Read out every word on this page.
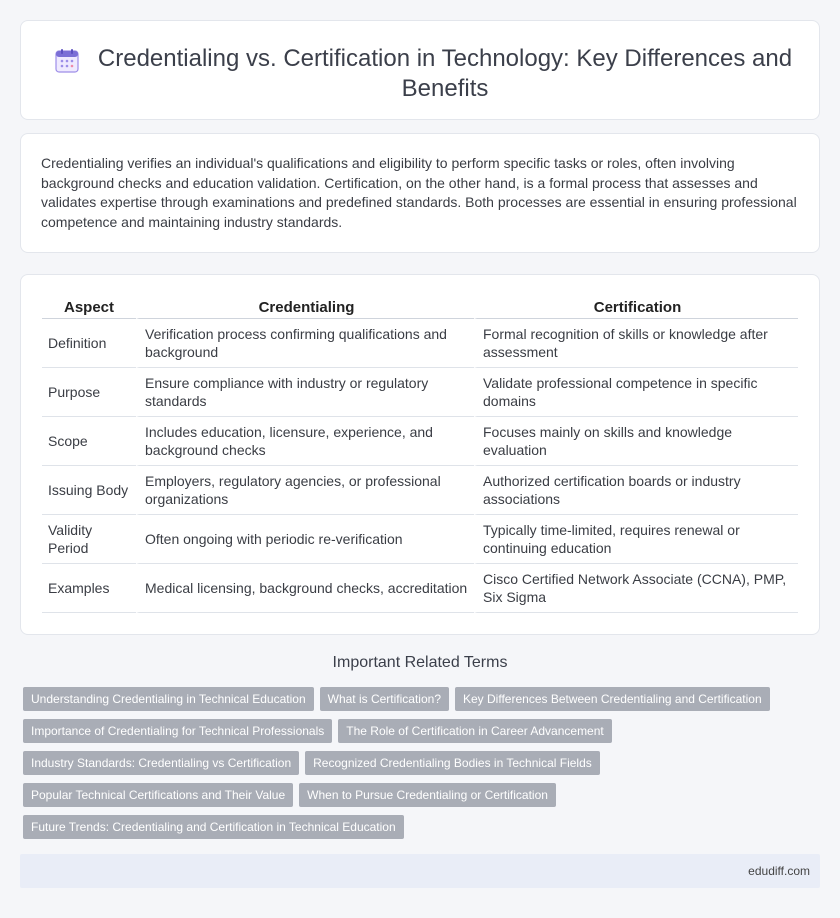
Credentialing vs. Certification in Technology: Key Differences and Benefits

Credentialing verifies an individual's qualifications and eligibility to perform specific tasks or roles, often involving background checks and education validation. Certification, on the other hand, is a formal process that assesses and validates expertise through examinations and predefined standards. Both processes are essential in ensuring professional competence and maintaining industry standards.

Aspect	Credentialing	Certification
Definition	Verification process confirming qualifications and background	Formal recognition of skills or knowledge after assessment
Purpose	Ensure compliance with industry or regulatory standards	Validate professional competence in specific domains
Scope	Includes education, licensure, experience, and background checks	Focuses mainly on skills and knowledge evaluation
Issuing Body	Employers, regulatory agencies, or professional organizations	Authorized certification boards or industry associations
Validity Period	Often ongoing with periodic re-verification	Typically time-limited, requires renewal or continuing education
Examples	Medical licensing, background checks, accreditation	Cisco Certified Network Associate (CCNA), PMP, Six Sigma
Important Related Terms
Understanding Credentialing in Technical Education	What is Certification?	Key Differences Between Credentialing and Certification
Importance of Credentialing for Technical Professionals	The Role of Certification in Career Advancement
Industry Standards: Credentialing vs Certification	Recognized Credentialing Bodies in Technical Fields
Popular Technical Certifications and Their Value	When to Pursue Credentialing or Certification
Future Trends: Credentialing and Certification in Technical Education
edudiff.com
